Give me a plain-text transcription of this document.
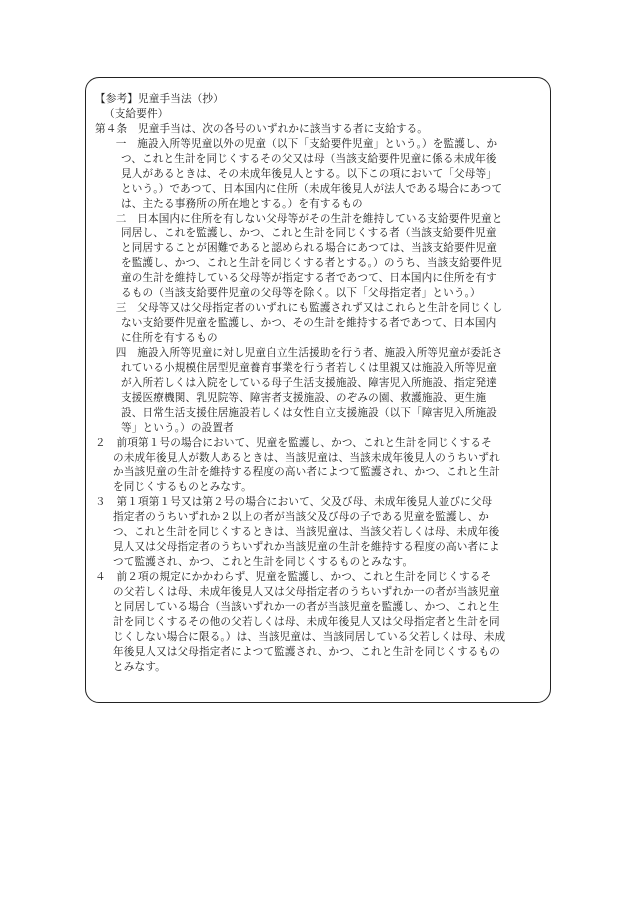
【参考】児童手当法（抄）
（支給要件）
第４条　児童手当は、次の各号のいずれかに該当する者に支給する。
　一　施設入所等児童以外の児童（以下「支給要件児童」という。）を監護し、か
つ、これと生計を同じくするその父又は母（当該支給要件児童に係る未成年後
見人があるときは、その未成年後見人とする。以下この項において「父母等」
という。）であつて、日本国内に住所（未成年後見人が法人である場合にあつて
は、主たる事務所の所在地とする。）を有するもの
　二　日本国内に住所を有しない父母等がその生計を維持している支給要件児童と
同居し、これを監護し、かつ、これと生計を同じくする者（当該支給要件児童
と同居することが困難であると認められる場合にあつては、当該支給要件児童
を監護し、かつ、これと生計を同じくする者とする。）のうち、当該支給要件児
童の生計を維持している父母等が指定する者であつて、日本国内に住所を有す
るもの（当該支給要件児童の父母等を除く。以下「父母指定者」という。）
　三　父母等又は父母指定者のいずれにも監護されず又はこれらと生計を同じくし
ない支給要件児童を監護し、かつ、その生計を維持する者であつて、日本国内
に住所を有するもの
　四　施設入所等児童に対し児童自立生活援助を行う者、施設入所等児童が委託さ
れている小規模住居型児童養育事業を行う者若しくは里親又は施設入所等児童
が入所若しくは入院をしている母子生活支援施設、障害児入所施設、指定発達
支援医療機関、乳児院等、障害者支援施設、のぞみの園、救護施設、更生施
設、日常生活支援住居施設若しくは女性自立支援施設（以下「障害児入所施設
等」という。）の設置者
２　前項第１号の場合において、児童を監護し、かつ、これと生計を同じくするそ
の未成年後見人が数人あるときは、当該児童は、当該未成年後見人のうちいずれ
か当該児童の生計を維持する程度の高い者によつて監護され、かつ、これと生計
を同じくするものとみなす。
３　第１項第１号又は第２号の場合において、父及び母、未成年後見人並びに父母
指定者のうちいずれか２以上の者が当該父及び母の子である児童を監護し、か
つ、これと生計を同じくするときは、当該児童は、当該父若しくは母、未成年後
見人又は父母指定者のうちいずれか当該児童の生計を維持する程度の高い者によ
つて監護され、かつ、これと生計を同じくするものとみなす。
４　前２項の規定にかかわらず、児童を監護し、かつ、これと生計を同じくするそ
の父若しくは母、未成年後見人又は父母指定者のうちいずれか一の者が当該児童
と同居している場合（当該いずれか一の者が当該児童を監護し、かつ、これと生
計を同じくするその他の父若しくは母、未成年後見人又は父母指定者と生計を同
じくしない場合に限る。）は、当該児童は、当該同居している父若しくは母、未成
年後見人又は父母指定者によつて監護され、かつ、これと生計を同じくするもの
とみなす。
